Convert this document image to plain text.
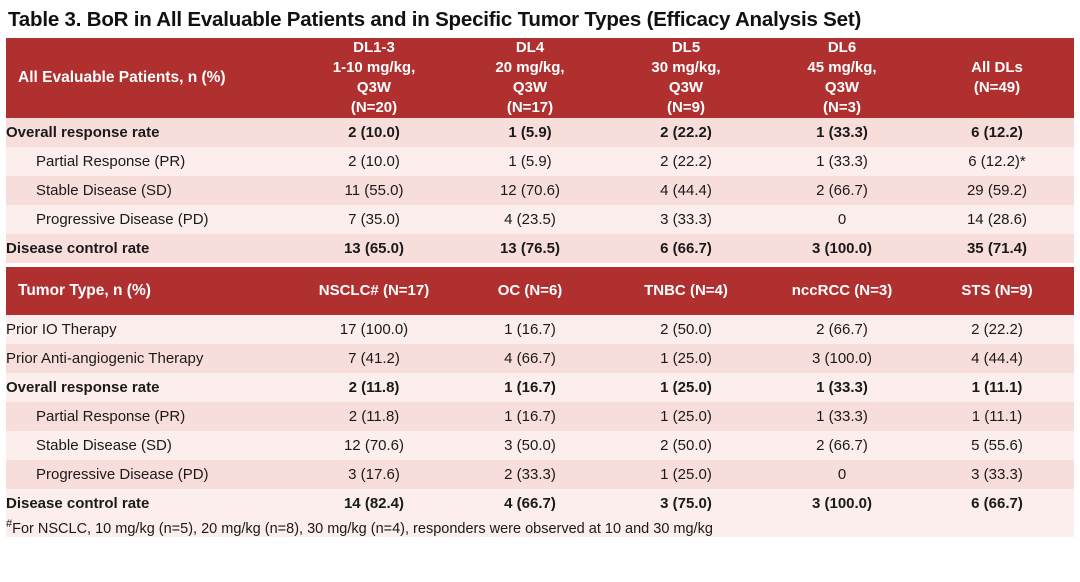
Table 3. BoR in All Evaluable Patients and in Specific Tumor Types (Efficacy Analysis Set)
All Evaluable Patients, n (%)	DL1-3
1-10 mg/kg,
Q3W
(N=20)	DL4
20 mg/kg,
Q3W
(N=17)	DL5
30 mg/kg,
Q3W
(N=9)	DL6
45 mg/kg,
Q3W
(N=3)	All DLs
(N=49)

Overall response rate	2 (10.0)	1 (5.9)	2 (22.2)	1 (33.3)	6 (12.2)
Partial Response (PR)	2 (10.0)	1 (5.9)	2 (22.2)	1 (33.3)	6 (12.2)*
Stable Disease (SD)	11 (55.0)	12 (70.6)	4 (44.4)	2 (66.7)	29 (59.2)
Progressive Disease (PD)	7 (35.0)	4 (23.5)	3 (33.3)	0	14 (28.6)
Disease control rate	13 (65.0)	13 (76.5)	6 (66.7)	3 (100.0)	35 (71.4)

Tumor Type, n (%)	NSCLC# (N=17)	OC (N=6)	TNBC (N=4)	nccRCC (N=3)	STS (N=9)
Prior IO Therapy	17 (100.0)	1 (16.7)	2 (50.0)	2 (66.7)	2 (22.2)
Prior Anti-angiogenic Therapy	7 (41.2)	4 (66.7)	1 (25.0)	3 (100.0)	4 (44.4)
Overall response rate	2 (11.8)	1 (16.7)	1 (25.0)	1 (33.3)	1 (11.1)
Partial Response (PR)	2 (11.8)	1 (16.7)	1 (25.0)	1 (33.3)	1 (11.1)
Stable Disease (SD)	12 (70.6)	3 (50.0)	2 (50.0)	2 (66.7)	5 (55.6)
Progressive Disease (PD)	3 (17.6)	2 (33.3)	1 (25.0)	0	3 (33.3)
Disease control rate	14 (82.4)	4 (66.7)	3 (75.0)	3 (100.0)	6 (66.7)
#For NSCLC, 10 mg/kg (n=5), 20 mg/kg (n=8), 30 mg/kg (n=4), responders were observed at 10 and 30 mg/kg					
